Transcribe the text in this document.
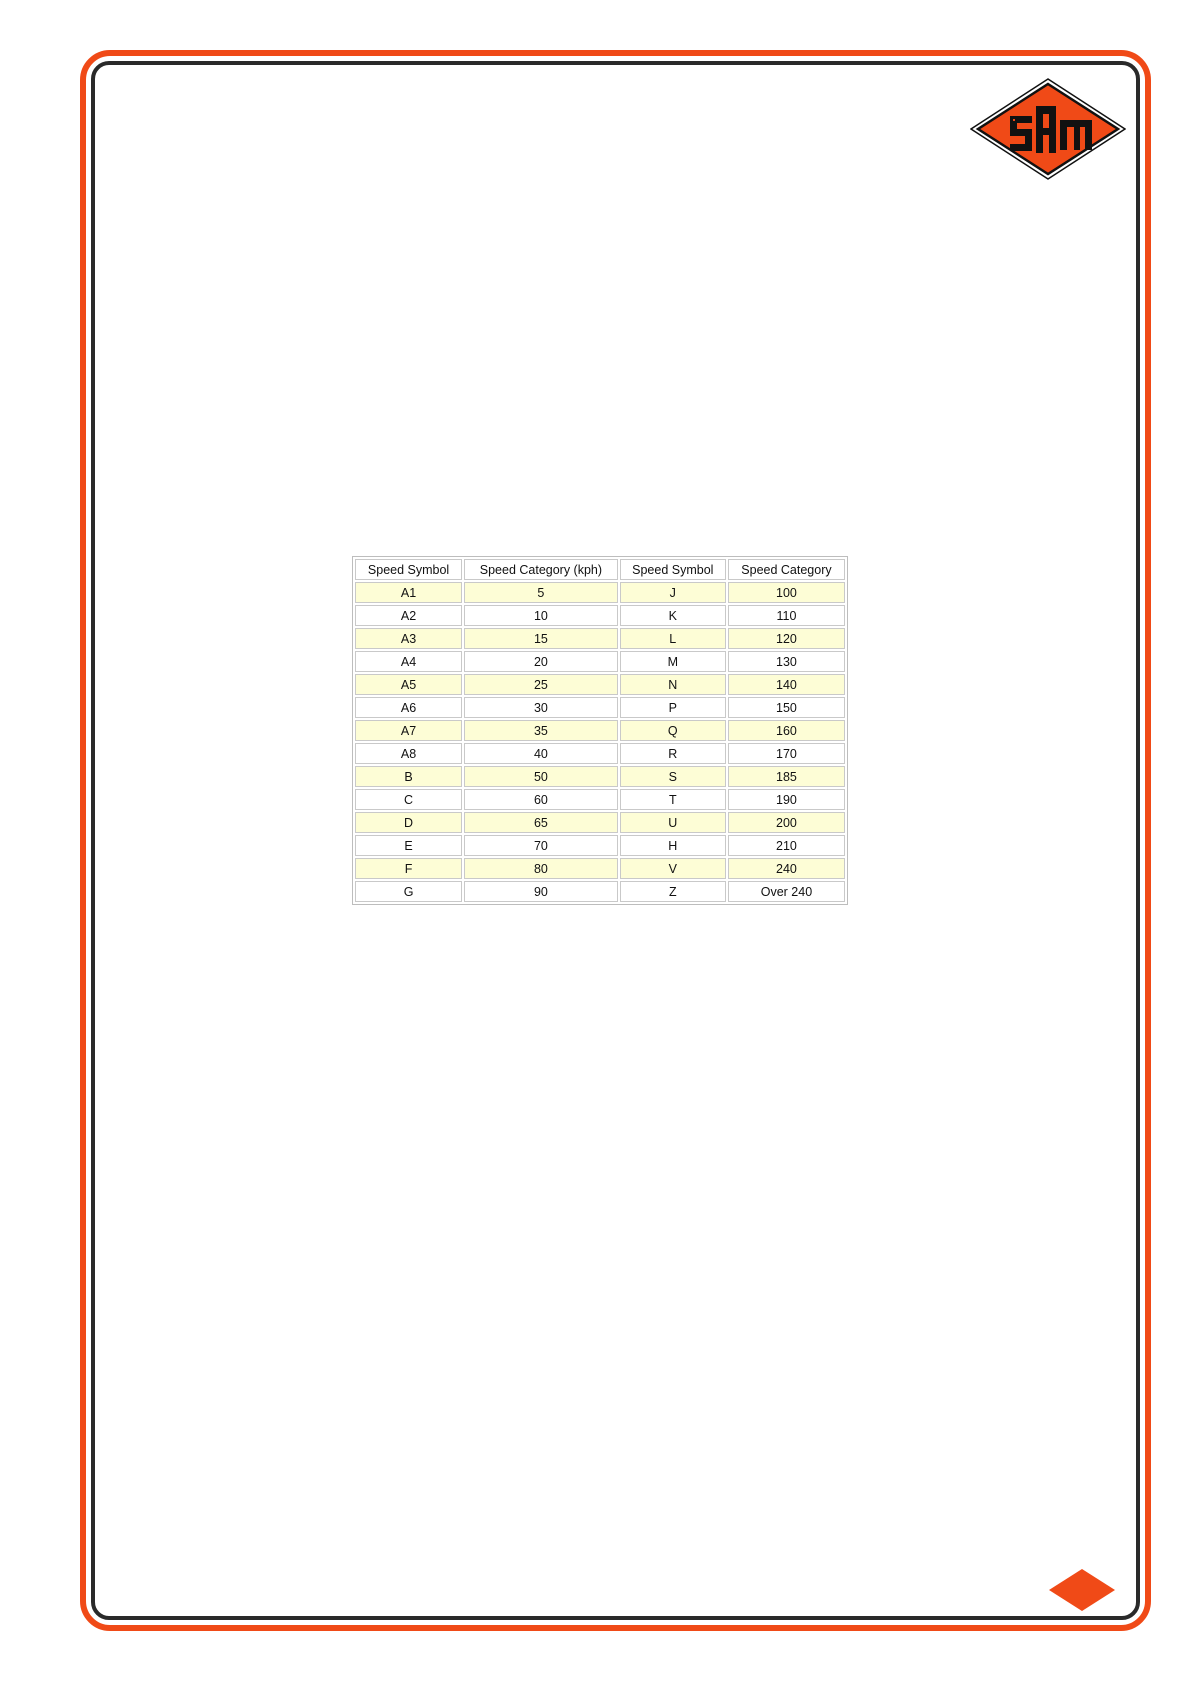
Speed Symbol	Speed Category (kph)	Speed Symbol	Speed Category
A1	5	J	100
A2	10	K	110
A3	15	L	120
A4	20	M	130
A5	25	N	140
A6	30	P	150
A7	35	Q	160
A8	40	R	170
B	50	S	185
C	60	T	190
D	65	U	200
E	70	H	210
F	80	V	240
G	90	Z	Over 240
